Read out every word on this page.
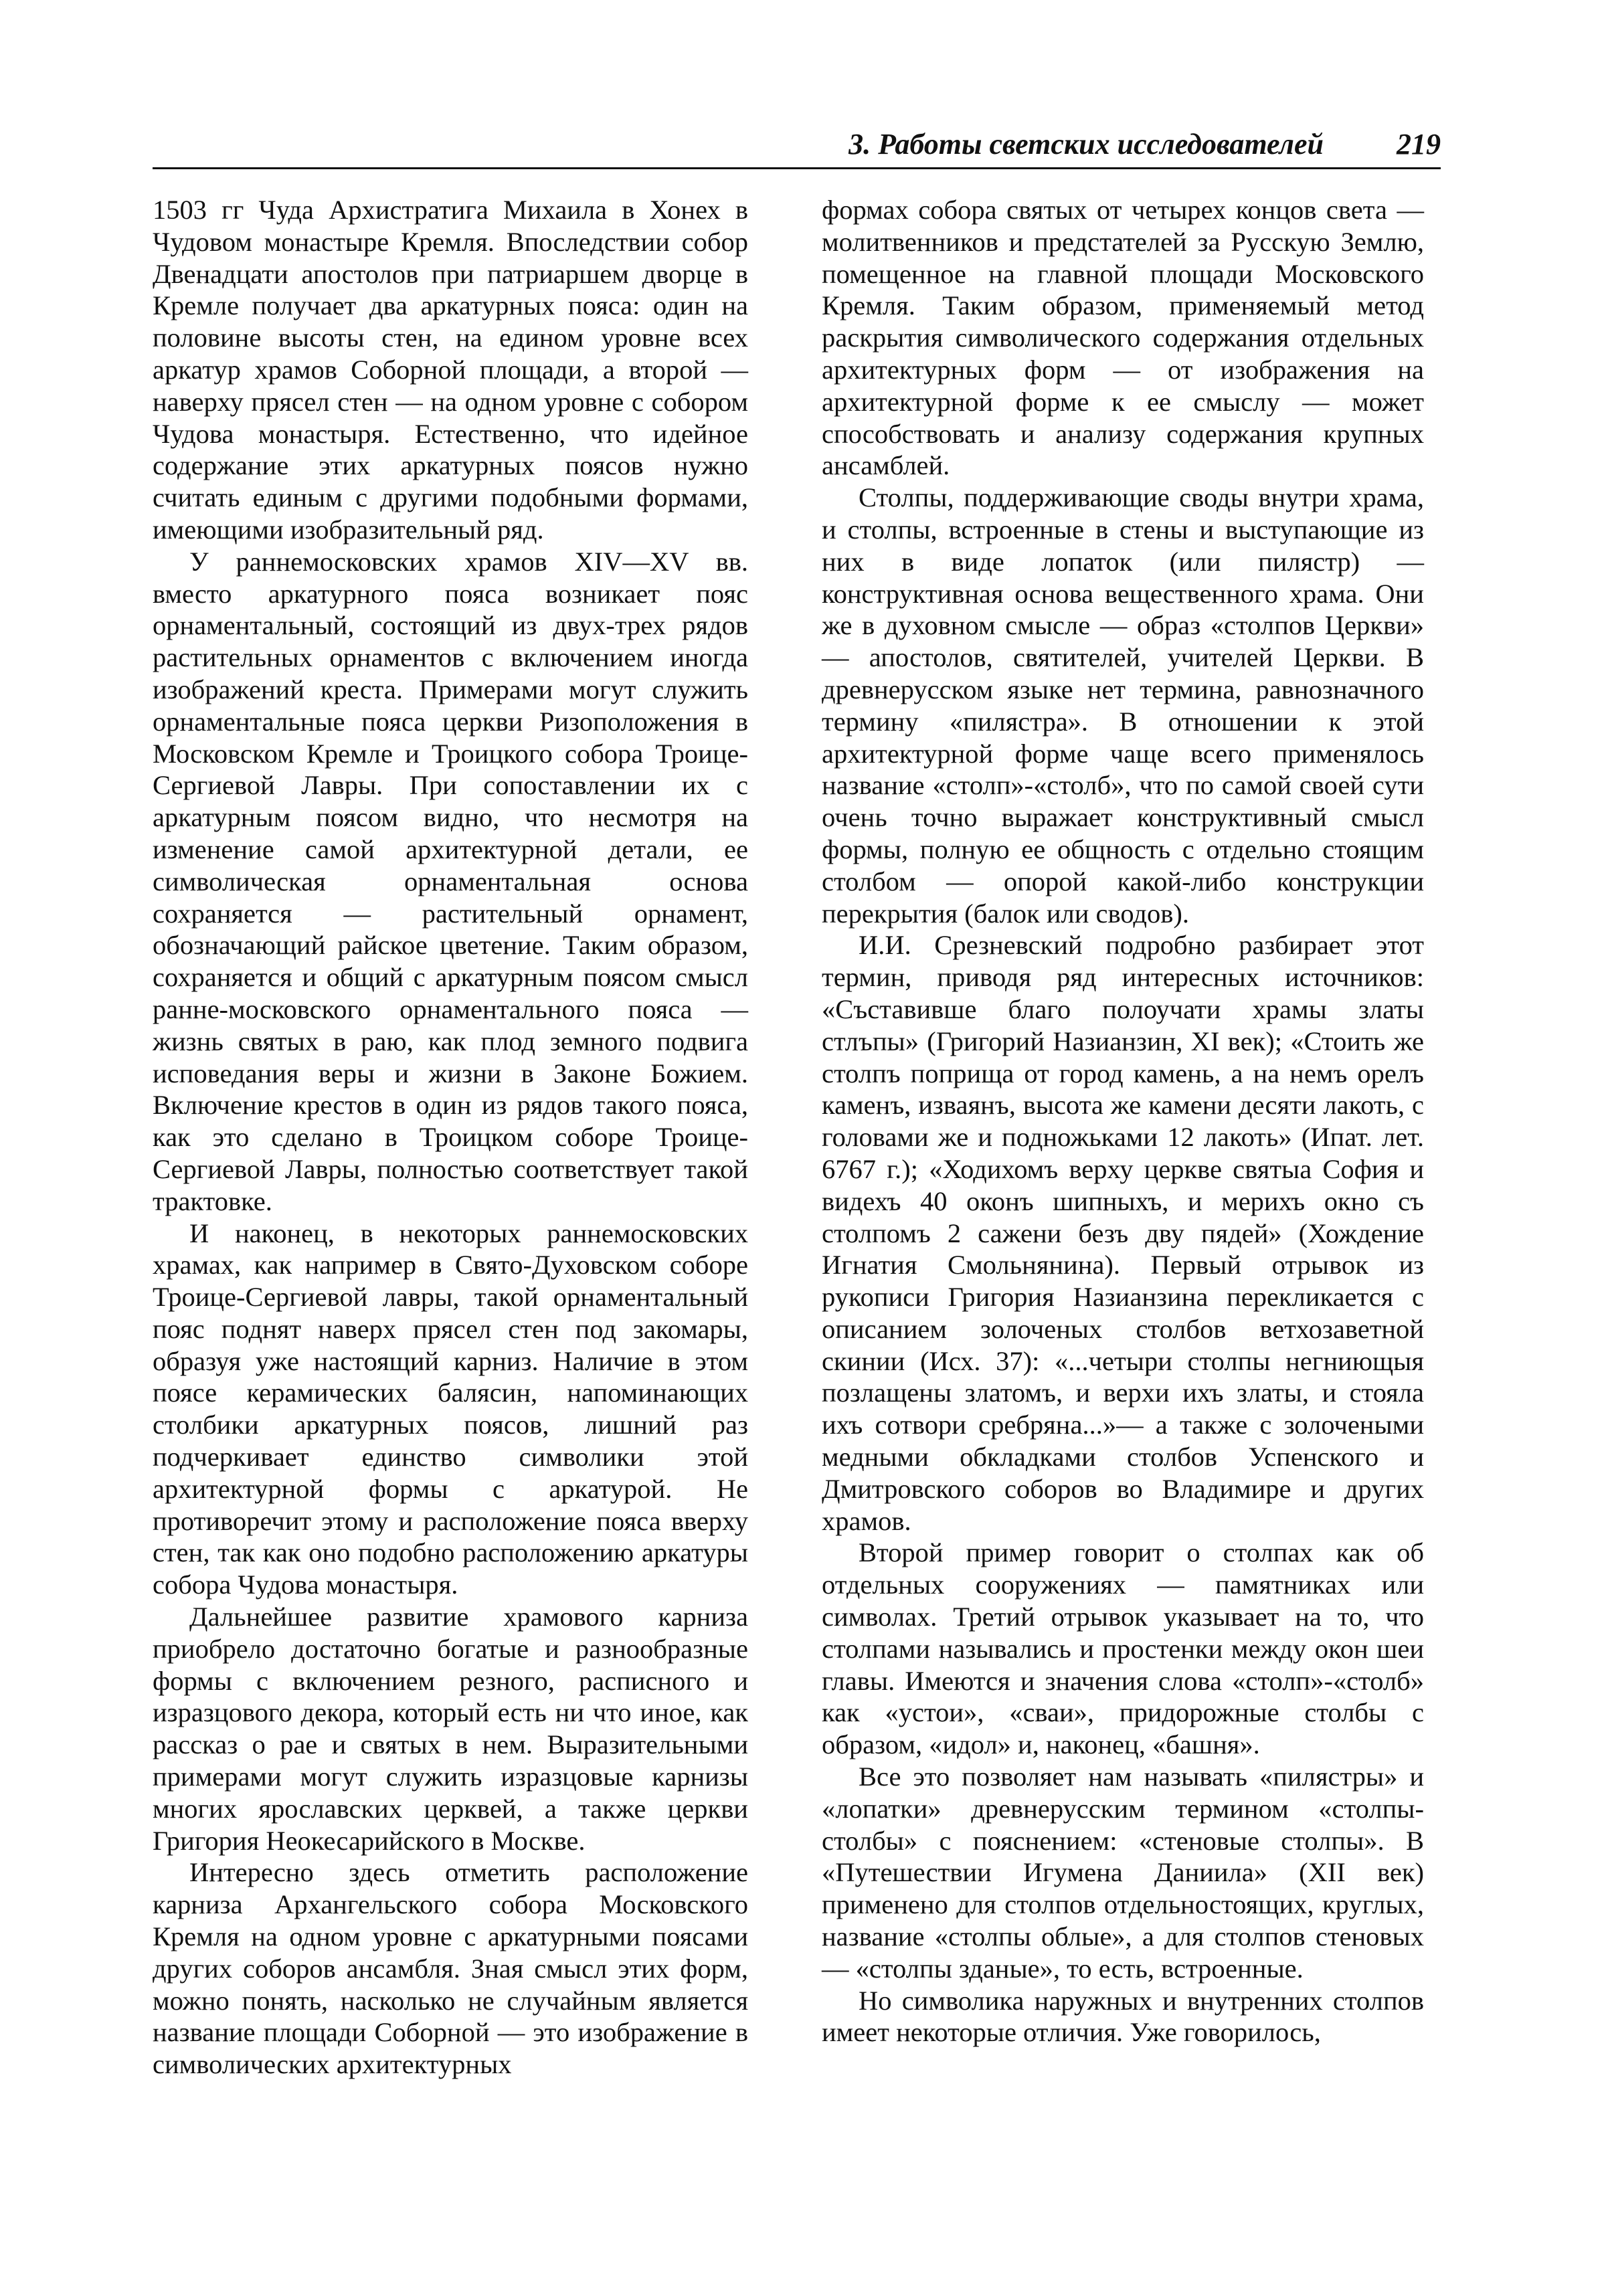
3. Работы светских исследователей 219

1503 гг Чуда Архистратига Михаила в Хонех в Чудовом монастыре Кремля. Впоследствии собор Двенадцати апостолов при патриаршем дворце в Кремле получает два аркатурных пояса: один на половине высоты стен, на едином уровне всех аркатур храмов Соборной площади, а второй — наверху прясел стен — на одном уровне с собором Чудова монастыря. Естественно, что идейное содержание этих аркатурных поясов нужно считать единым с другими подобными формами, имеющими изобразительный ряд.

У раннемосковских храмов XIV—XV вв. вместо аркатурного пояса возникает пояс орнаментальный, состоящий из двух-трех рядов растительных орнаментов с включением иногда изображений креста. Примерами могут служить орнаментальные пояса церкви Ризоположения в Московском Кремле и Троицкого собора Троице-Сергиевой Лавры. При сопоставлении их с аркатурным поясом видно, что несмотря на изменение самой архитектурной детали, ее символическая орнаментальная основа сохраняется — растительный орнамент, обозначающий райское цветение. Таким образом, сохраняется и общий с аркатурным поясом смысл ранне-московского орнаментального пояса — жизнь святых в раю, как плод земного подвига исповедания веры и жизни в Законе Божием. Включение крестов в один из рядов такого пояса, как это сделано в Троицком соборе Троице-Сергиевой Лавры, полностью соответствует такой трактовке.

И наконец, в некоторых раннемосковских храмах, как например в Свято-Духовском соборе Троице-Сергиевой лавры, такой орнаментальный пояс поднят наверх прясел стен под закомары, образуя уже настоящий карниз. Наличие в этом поясе керамических балясин, напоминающих столбики аркатурных поясов, лишний раз подчеркивает единство символики этой архитектурной формы с аркатурой. Не противоречит этому и расположение пояса вверху стен, так как оно подобно расположению аркатуры собора Чудова монастыря.

Дальнейшее развитие храмового карниза приобрело достаточно богатые и разнообразные формы с включением резного, расписного и изразцового декора, который есть ни что иное, как рассказ о рае и святых в нем. Выразительными примерами могут служить изразцовые карнизы многих ярославских церквей, а также церкви Григория Неокесарийского в Москве.

Интересно здесь отметить расположение карниза Архангельского собора Московского Кремля на одном уровне с аркатурными поясами других соборов ансамбля. Зная смысл этих форм, можно понять, насколько не случайным является название площади Соборной — это изображение в символических архитектурных

формах собора святых от четырех концов света — молитвенников и предстателей за Русскую Землю, помещенное на главной площади Московского Кремля. Таким образом, применяемый метод раскрытия символического содержания отдельных архитектурных форм — от изображения на архитектурной форме к ее смыслу — может способствовать и анализу содержания крупных ансамблей.

Столпы, поддерживающие своды внутри храма, и столпы, встроенные в стены и выступающие из них в виде лопаток (или пилястр) — конструктивная основа вещественного храма. Они же в духовном смысле — образ «столпов Церкви» — апостолов, святителей, учителей Церкви. В древнерусском языке нет термина, равнозначного термину «пилястра». В отношении к этой архитектурной форме чаще всего применялось название «столп»-«столб», что по самой своей сути очень точно выражает конструктивный смысл формы, полную ее общность с отдельно стоящим столбом — опорой какой-либо конструкции перекрытия (балок или сводов).

И.И. Срезневский подробно разбирает этот термин, приводя ряд интересных источников: «Съставивше благо полоучати храмы златы стлъпы» (Григорий Назианзин, XI век); «Стоить же столпъ поприща от город камень, а на немъ орелъ каменъ, изваянъ, высота же камени десяти лакоть, с головами же и подножьками 12 лакоть» (Ипат. лет. 6767 г.); «Ходихомъ верху церкве святыа София и видехъ 40 оконъ шипныхъ, и мерихъ окно съ столпомъ 2 сажени безъ дву пядей» (Хождение Игнатия Смольнянина). Первый отрывок из рукописи Григория Назианзина перекликается с описанием золоченых столбов ветхозаветной скинии (Исх. 37): «...четыри столпы негниющыя позлащены златомъ, и верхи ихъ златы, и стояла ихъ сотвори сребряна...»— а также с золочеными медными обкладками столбов Успенского и Дмитровского соборов во Владимире и других храмов.

Второй пример говорит о столпах как об отдельных сооружениях — памятниках или символах. Третий отрывок указывает на то, что столпами назывались и простенки между окон шеи главы. Имеются и значения слова «столп»-«столб» как «устои», «сваи», придорожные столбы с образом, «идол» и, наконец, «башня».

Все это позволяет нам называть «пилястры» и «лопатки» древнерусским термином «столпы-столбы» с пояснением: «стеновые столпы». В «Путешествии Игумена Даниила» (XII век) применено для столпов отдельностоящих, круглых, название «столпы облые», а для столпов стеновых — «столпы зданые», то есть, встроенные.

Но символика наружных и внутренних столпов имеет некоторые отличия. Уже говорилось,
